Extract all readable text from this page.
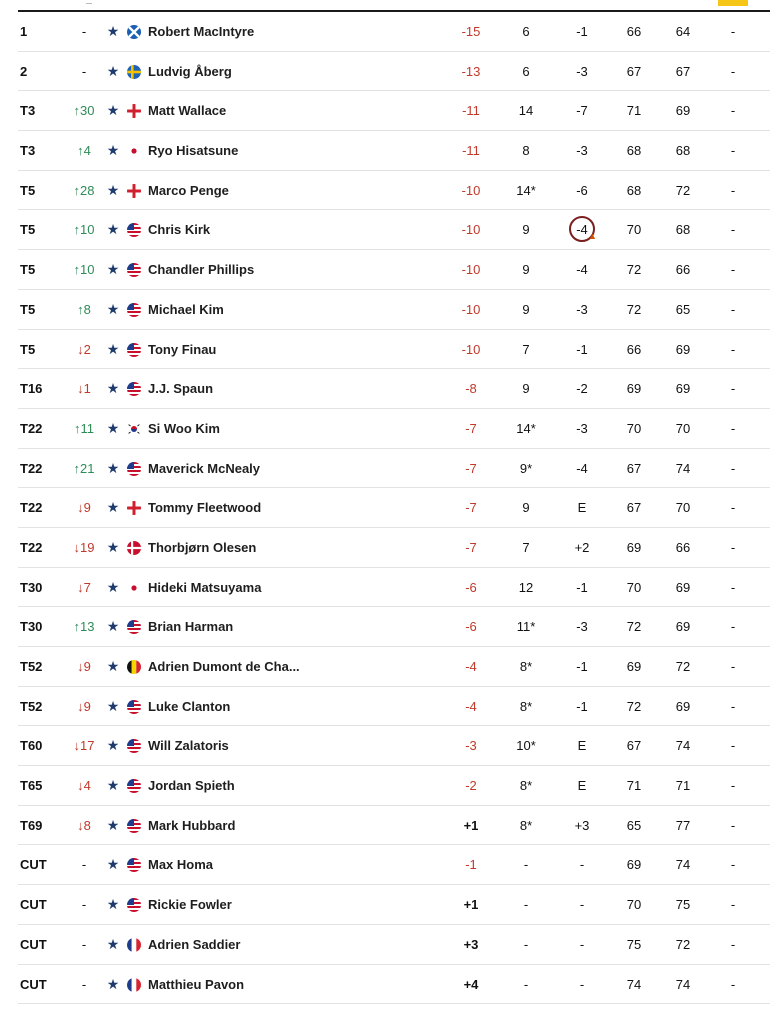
1	-	★ Robert MacIntyre	-15	6	-1	66	64	-
2	-	★ Ludvig Åberg	-13	6	-3	67	67	-
T3	↑30 ★ Matt Wallace	-11	14	-7	71	69	-
T3	↑4	★ Ryo Hisatsune	-11	8	-3	68	68	-
T5	↑28 ★ Marco Penge	-10	14*	-6	68	72	-
T5	↑10 ★ Chris Kirk	-10	9	-4 ▲	70	68	-
T5	↑10 ★ Chandler Phillips	-10	9	-4	72	66	-
T5	↑8	★ Michael Kim	-10	9	-3	72	65	-
T5	↓2	★ Tony Finau	-10	7	-1	66	69	-
T16	↓1	★ J.J. Spaun	-8	9	-2	69	69	-
T22	↑11 ★ Si Woo Kim	-7	14*	-3	70	70	-
T22 ↑21 ★ Maverick McNealy	-7	9*	-4	67	74	-
T22	↓9	★ Tommy Fleetwood	-7	9	E	67	70	-
T22 ↓19 ★ Thorbjørn Olesen	-7	7	+2	69	66	-
T30	↓7	★ Hideki Matsuyama	-6	12	-1	70	69	-
T30 ↑13 ★ Brian Harman	-6	11*	-3	72	69	-
T52	↓9	★ Adrien Dumont de Cha...	-4	8*	-1	69	72	-
T52	↓9	★ Luke Clanton	-4	8*	-1	72	69	-
T60 ↓17 ★ Will Zalatoris	-3	10*	E	67	74	-
T65	↓4	★ Jordan Spieth	-2	8*	E	71	71	-
T69	↓8	★ Mark Hubbard	+1	8*	+3	65	77	-
CUT	-	★ Max Homa	-1	-	-	69	74	-
CUT	-	★ Rickie Fowler	+1	-	-	70	75	-
CUT	-	★ Adrien Saddier	+3	-	-	75	72	-
CUT	-	★ Matthieu Pavon	+4	-	-	74	74	-
